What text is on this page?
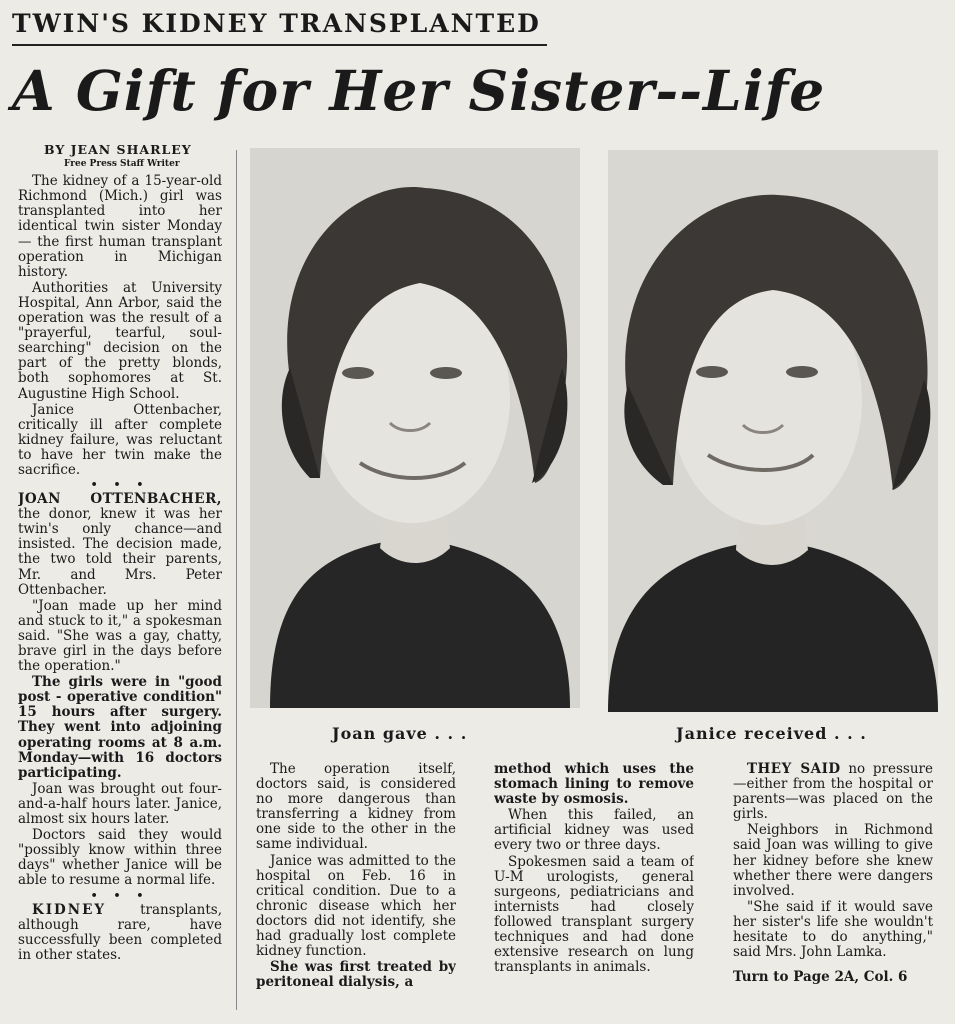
TWIN'S KIDNEY TRANSPLANTED
A Gift for Her Sister--Life
BY JEAN SHARLEY
Free Press Staff Writer

The kidney of a 15-year-old Richmond (Mich.) girl was transplanted into her identical twin sister Monday — the first human transplant operation in Michigan history.

Authorities at University Hospital, Ann Arbor, said the operation was the result of a "prayerful, tearful, soul-searching" decision on the part of the pretty blonds, both sophomores at St. Augustine High School.

Janice Ottenbacher, critically ill after complete kidney failure, was reluctant to have her twin make the sacrifice.

• • •

JOAN OTTENBACHER, the donor, knew it was her twin's only chance—and insisted. The decision made, the two told their parents, Mr. and Mrs. Peter Ottenbacher.

"Joan made up her mind and stuck to it," a spokesman said. "She was a gay, chatty, brave girl in the days before the operation."

The girls were in "good post - operative condition" 15 hours after surgery. They went into adjoining operating rooms at 8 a.m. Monday—with 16 doctors participating.

Joan was brought out four-and-a-half hours later. Janice, almost six hours later.

Doctors said they would "possibly know within three days" whether Janice will be able to resume a normal life.

• • •

KIDNEY	transplants, although rare, have successfully been completed in other states.

Joan gave . . .	Janice received . . .

The operation itself, doctors said, is considered no more dangerous than transferring a kidney from one side to the other in the same individual.

Janice was admitted to the hospital on Feb. 16 in critical condition. Due to a chronic disease which her doctors did not identify, she had gradually lost complete kidney function.

She was first treated by peritoneal dialysis, a

method which uses the stomach lining to remove waste by osmosis.

When this failed, an artificial kidney was used every two or three days.

Spokesmen said a team of U-M urologists, general surgeons, pediatricians and internists had closely followed transplant surgery techniques and had done extensive research on lung transplants in animals.

THEY SAID no pressure—either from the hospital or parents—was placed on the girls.

Neighbors in Richmond said Joan was willing to give her kidney before she knew whether there were dangers involved.

"She said if it would save her sister's life she wouldn't hesitate to do anything," said Mrs. John Lamka.

Turn to Page 2A, Col. 6
